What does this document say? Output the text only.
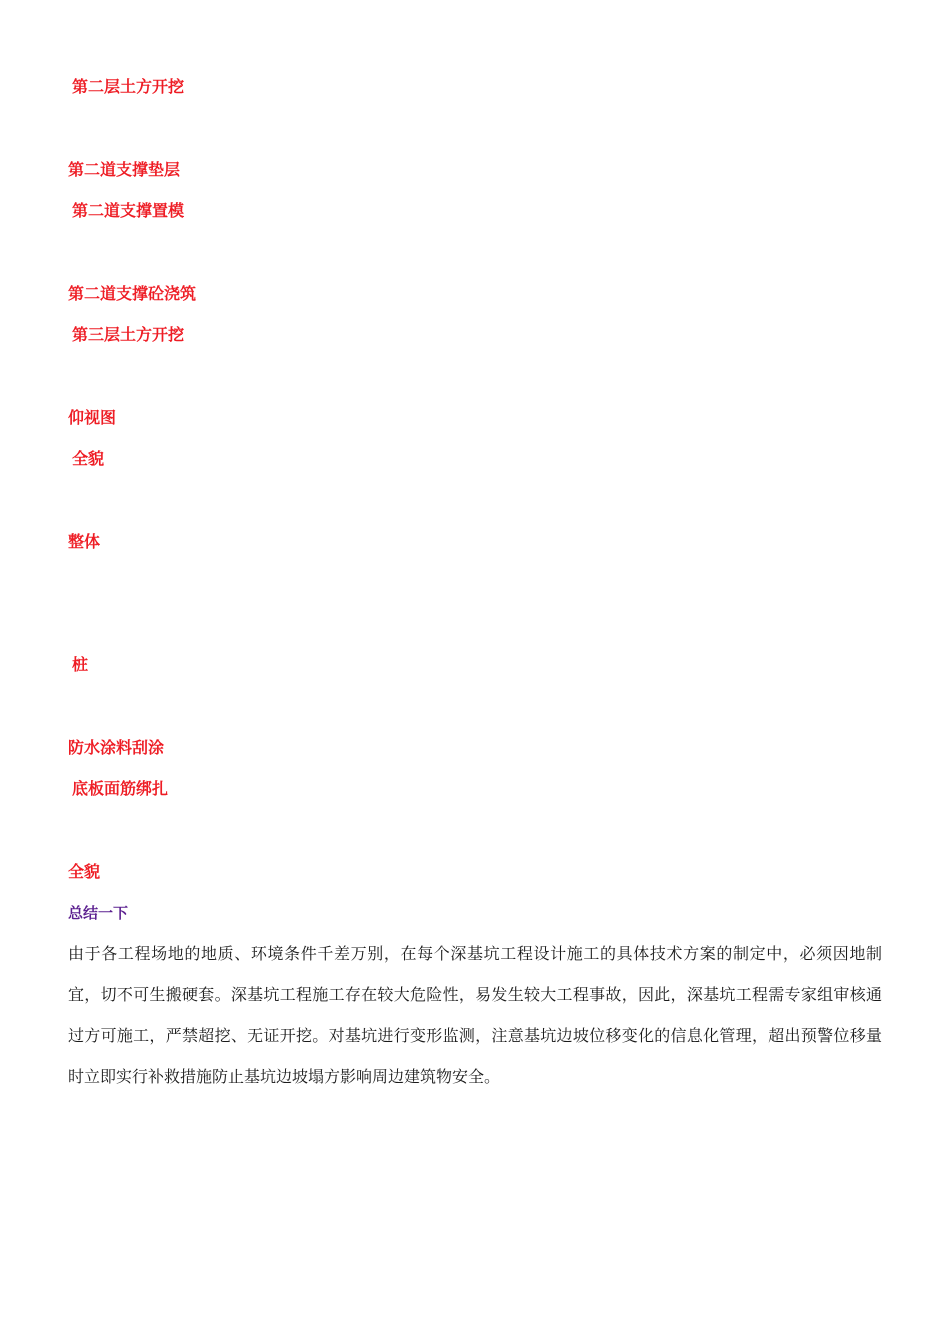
第二层土方开挖
第二道支撑垫层
第二道支撑置模
第二道支撑砼浇筑
第三层土方开挖
仰视图
全貌
整体
桩
防水涂料刮涂
底板面筋绑扎
全貌
总结一下

由于各工程场地的地质、环境条件千差万别，在每个深基坑工程设计施工的具体技术方案的制定中，必须因地制宜，切不可生搬硬套。深基坑工程施工存在较大危险性，易发生较大工程事故，因此，深基坑工程需专家组审核通过方可施工，严禁超挖、无证开挖。对基坑进行变形监测，注意基坑边坡位移变化的信息化管理，超出预警位移量时立即实行补救措施防止基坑边坡塌方影响周边建筑物安全。
